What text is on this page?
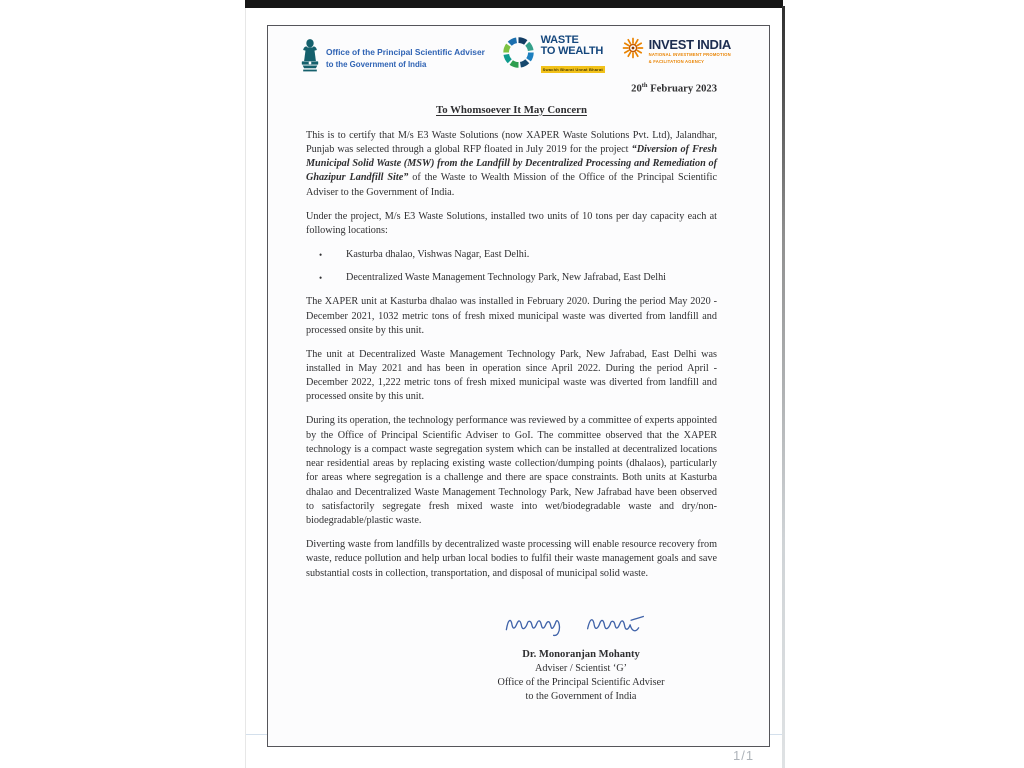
Office of the Principal Scientific Adviser
to the Government of India
WASTE
TO WEALTH
Swachh Bharat Unnat Bharat
INVEST INDIA
NATIONAL INVESTMENT PROMOTION
& FACILITATION AGENCY
20th February 2023
To Whomsoever It May Concern

This is to certify that M/s E3 Waste Solutions (now XAPER Waste Solutions Pvt. Ltd), Jalandhar, Punjab was selected through a global RFP floated in July 2019 for the project “Diversion of Fresh Municipal Solid Waste (MSW) from the Landfill by Decentralized Processing and Remediation of Ghazipur Landfill Site” of the Waste to Wealth Mission of the Office of the Principal Scientific Adviser to the Government of India.

Under the project, M/s E3 Waste Solutions, installed two units of 10 tons per day capacity each at following locations:

•	Kasturba dhalao, Vishwas Nagar, East Delhi.
•	Decentralized Waste Management Technology Park, New Jafrabad, East Delhi

The XAPER unit at Kasturba dhalao was installed in February 2020. During the period May 2020 - December 2021, 1032 metric tons of fresh mixed municipal waste was diverted from landfill and processed onsite by this unit.

The unit at Decentralized Waste Management Technology Park, New Jafrabad, East Delhi was installed in May 2021 and has been in operation since April 2022. During the period April - December 2022, 1,222 metric tons of fresh mixed municipal waste was diverted from landfill and processed onsite by this unit.

During its operation, the technology performance was reviewed by a committee of experts appointed by the Office of Principal Scientific Adviser to GoI. The committee observed that the XAPER technology is a compact waste segregation system which can be installed at decentralized locations near residential areas by replacing existing waste collection/dumping points (dhalaos), particularly for areas where segregation is a challenge and there are space constraints. Both units at Kasturba dhalao and Decentralized Waste Management Technology Park, New Jafrabad have been observed to satisfactorily segregate fresh mixed waste into wet/biodegradable waste and dry/non-biodegradable/plastic waste.

Diverting waste from landfills by decentralized waste processing will enable resource recovery from waste, reduce pollution and help urban local bodies to fulfil their waste management goals and save substantial costs in collection, transportation, and disposal of municipal solid waste.

Dr. Monoranjan Mohanty
Adviser / Scientist ‘G’
Office of the Principal Scientific Adviser
to the Government of India
1/1
